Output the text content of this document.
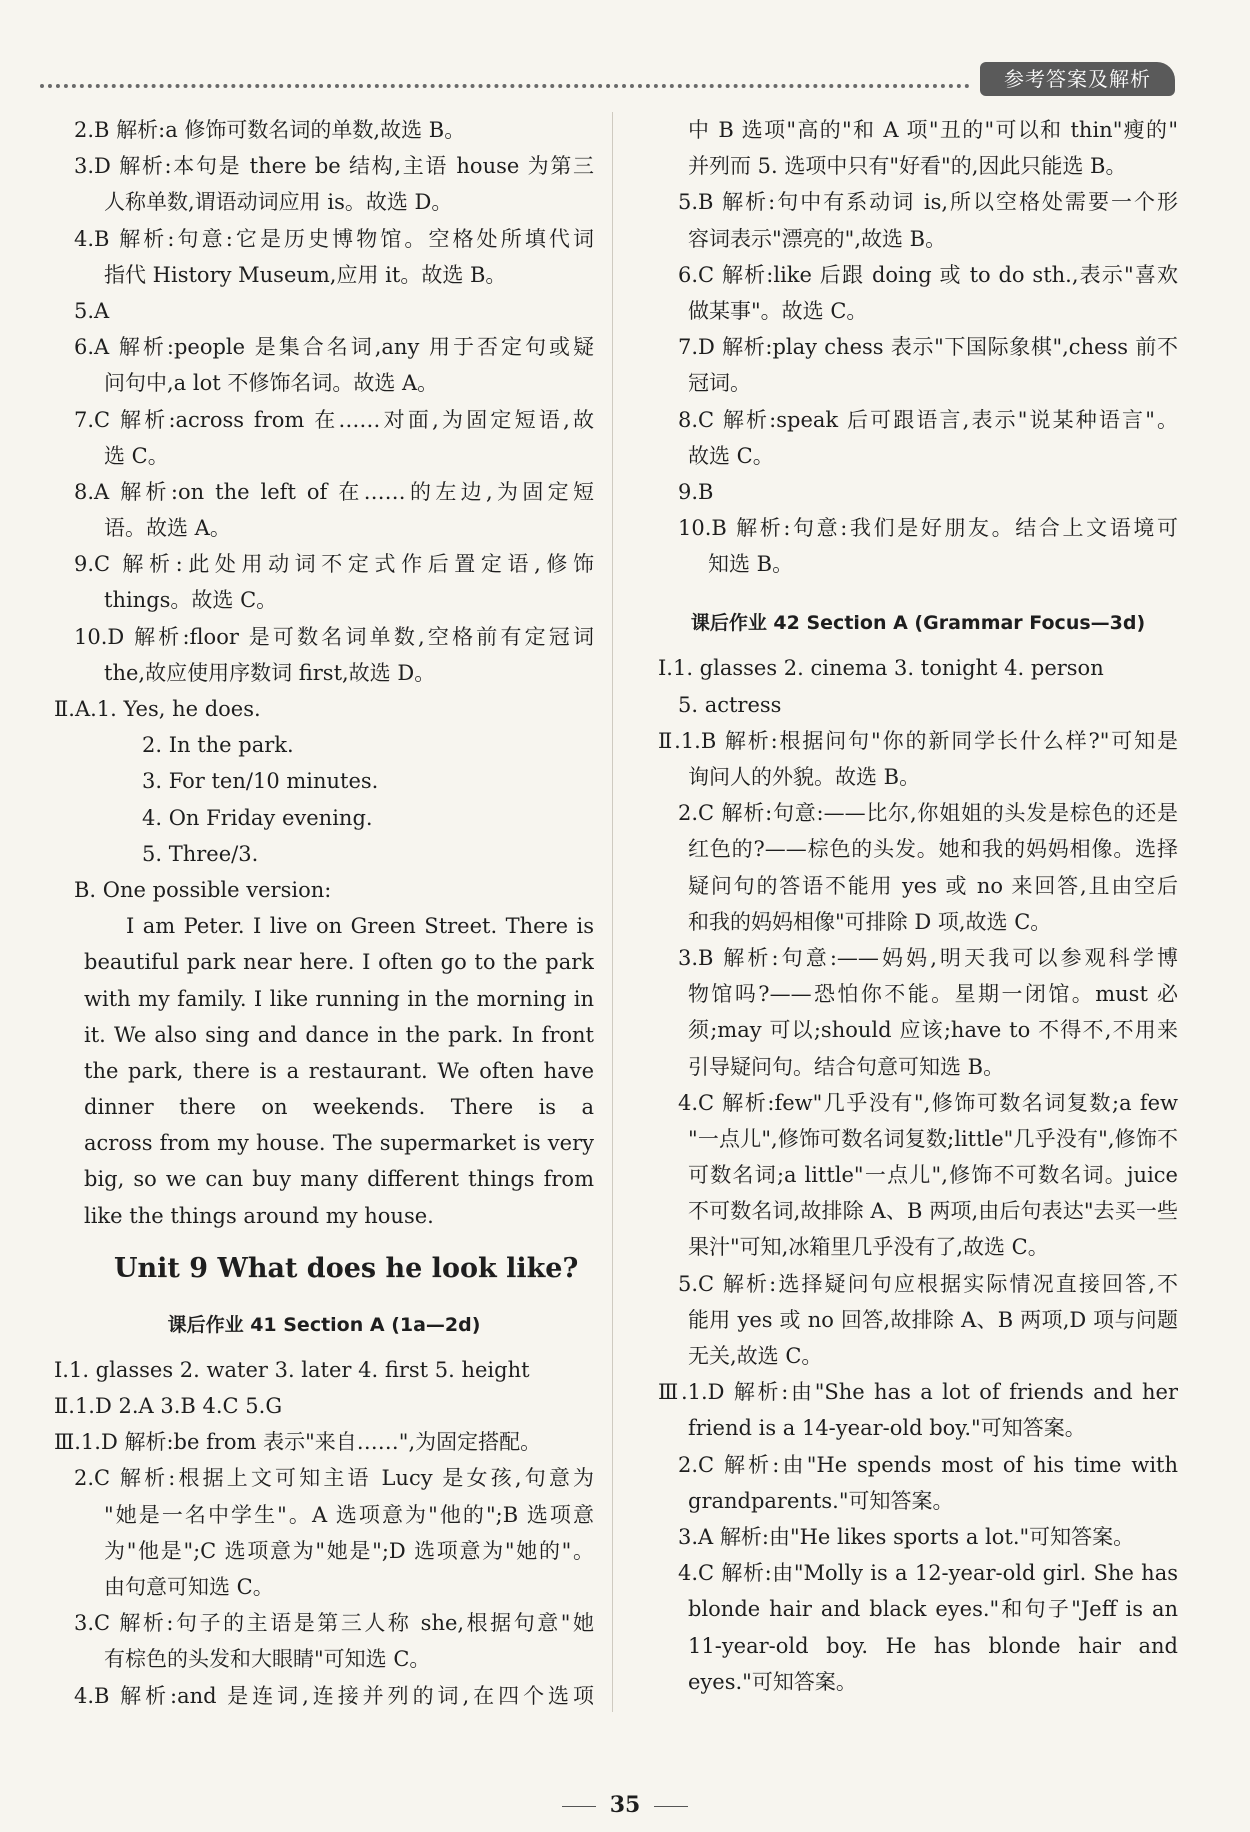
参考答案及解析
2.B 解析:a 修饰可数名词的单数,故选 B。
3.D 解析:本句是 there be 结构,主语 house 为第三
人称单数,谓语动词应用 is。故选 D。
4.B 解析:句意:它是历史博物馆。空格处所填代词
指代 History Museum,应用 it。故选 B。
5.A
6.A 解析:people 是集合名词,any 用于否定句或疑
问句中,a lot 不修饰名词。故选 A。
7.C 解析:across from 在……对面,为固定短语,故
选 C。
8.A 解析:on the left of 在……的左边,为固定短
语。故选 A。
9.C 解析:此处用动词不定式作后置定语,修饰
things。故选 C。
10.D 解析:floor 是可数名词单数,空格前有定冠词
the,故应使用序数词 first,故选 D。
Ⅱ.A.1. Yes, he does.
2. In the park.
3. For ten/10 minutes.
4. On Friday evening.
5. Three/3.
B. One possible version:
I am Peter. I live on Green Street. There is
beautiful park near here. I often go to the park
with my family. I like running in the morning in
it. We also sing and dance in the park. In front
the park, there is a restaurant. We often have
dinner there on weekends. There is a
across from my house. The supermarket is very
big, so we can buy many different things from
like the things around my house.
Unit 9 What does he look like?
课后作业 41 Section A (1a—2d)
Ⅰ.1. glasses 2. water 3. later 4. first 5. height
Ⅱ.1.D 2.A 3.B 4.C 5.G
Ⅲ.1.D 解析:be from 表示"来自……",为固定搭配。
2.C 解析:根据上文可知主语 Lucy 是女孩,句意为
"她是一名中学生"。A 选项意为"他的";B 选项意
为"他是";C 选项意为"她是";D 选项意为"她的"。
由句意可知选 C。
3.C 解析:句子的主语是第三人称 she,根据句意"她
有棕色的头发和大眼睛"可知选 C。
4.B 解析:and 是连词,连接并列的词,在四个选项
中 B 选项"高的"和 A 项"丑的"可以和 thin"瘦的"
并列而 5. 选项中只有"好看"的,因此只能选 B。
5.B 解析:句中有系动词 is,所以空格处需要一个形
容词表示"漂亮的",故选 B。
6.C 解析:like 后跟 doing 或 to do sth.,表示"喜欢
做某事"。故选 C。
7.D 解析:play chess 表示"下国际象棋",chess 前不
冠词。
8.C 解析:speak 后可跟语言,表示"说某种语言"。
故选 C。
9.B
10.B 解析:句意:我们是好朋友。结合上文语境可
知选 B。
课后作业 42 Section A (Grammar Focus—3d)
Ⅰ.1. glasses 2. cinema 3. tonight 4. person
5. actress
Ⅱ.1.B 解析:根据问句"你的新同学长什么样?"可知是
询问人的外貌。故选 B。
2.C 解析:句意:——比尔,你姐姐的头发是棕色的还是
红色的?——棕色的头发。她和我的妈妈相像。选择
疑问句的答语不能用 yes 或 no 来回答,且由空后
和我的妈妈相像"可排除 D 项,故选 C。
3.B 解析:句意:——妈妈,明天我可以参观科学博
物馆吗?——恐怕你不能。星期一闭馆。must 必
须;may 可以;should 应该;have to 不得不,不用来
引导疑问句。结合句意可知选 B。
4.C 解析:few"几乎没有",修饰可数名词复数;a few
"一点儿",修饰可数名词复数;little"几乎没有",修饰不
可数名词;a little"一点儿",修饰不可数名词。juice
不可数名词,故排除 A、B 两项,由后句表达"去买一些
果汁"可知,冰箱里几乎没有了,故选 C。
5.C 解析:选择疑问句应根据实际情况直接回答,不
能用 yes 或 no 回答,故排除 A、B 两项,D 项与问题
无关,故选 C。
Ⅲ.1.D 解析:由"She has a lot of friends and her
friend is a 14-year-old boy."可知答案。
2.C 解析:由"He spends most of his time with
grandparents."可知答案。
3.A 解析:由"He likes sports a lot."可知答案。
4.C 解析:由"Molly is a 12-year-old girl. She has
blonde hair and black eyes."和句子"Jeff is an
11-year-old boy. He has blonde hair and
eyes."可知答案。
35
